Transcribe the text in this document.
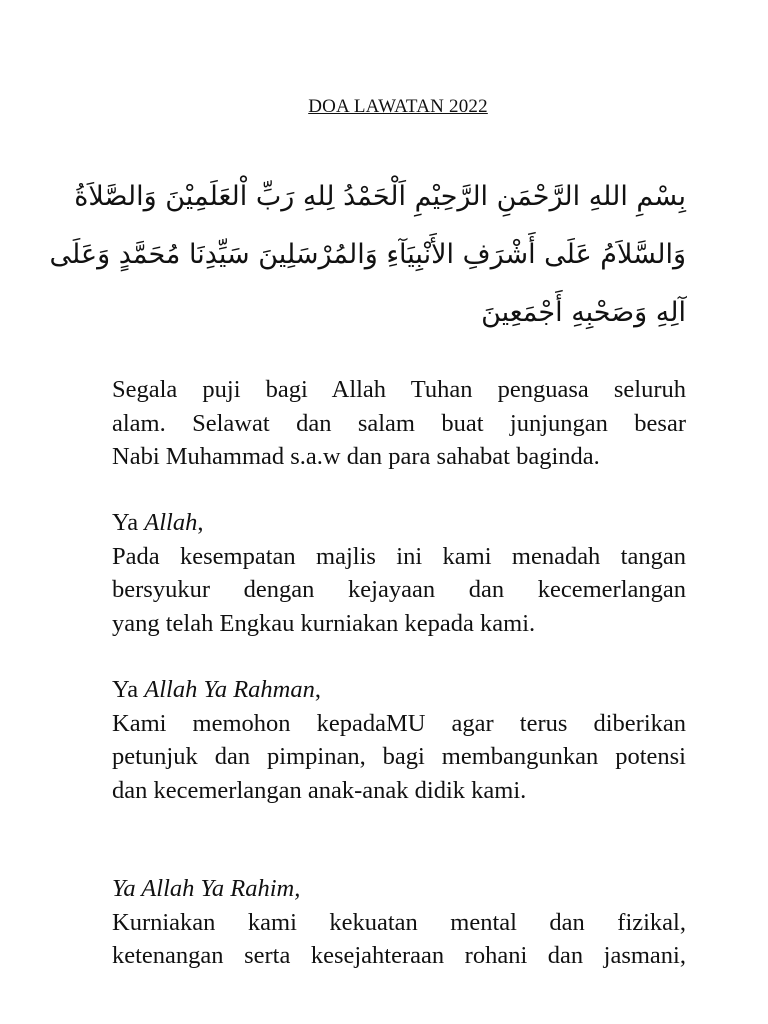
DOA LAWATAN 2022
بِسْمِ اللهِ الرَّحْمَنِ الرَّحِيْمِ اَلْحَمْدُ لِلهِ رَبِّ اْلعَلَمِيْنَ وَالصَّلاَةُ
وَالسَّلاَمُ عَلَى أَشْرَفِ الأَنْبِيَآءِ وَالمُرْسَلِينَ سَيِّدِنَا مُحَمَّدٍ وَعَلَى
آلِهِ وَصَحْبِهِ أَجْمَعِينَ
Segala puji bagi Allah Tuhan penguasa seluruh
alam. Selawat dan salam buat junjungan besar
Nabi Muhammad s.a.w dan para sahabat baginda.
Ya Allah,
Pada kesempatan majlis ini kami menadah tangan
bersyukur dengan kejayaan dan kecemerlangan
yang telah Engkau kurniakan kepada kami.
Ya Allah Ya Rahman,
Kami memohon kepadaMU agar terus diberikan
petunjuk dan pimpinan, bagi membangunkan potensi
dan kecemerlangan anak-anak didik kami.
Ya Allah Ya Rahim,
Kurniakan kami kekuatan mental dan fizikal,
ketenangan serta kesejahteraan rohani dan jasmani,
